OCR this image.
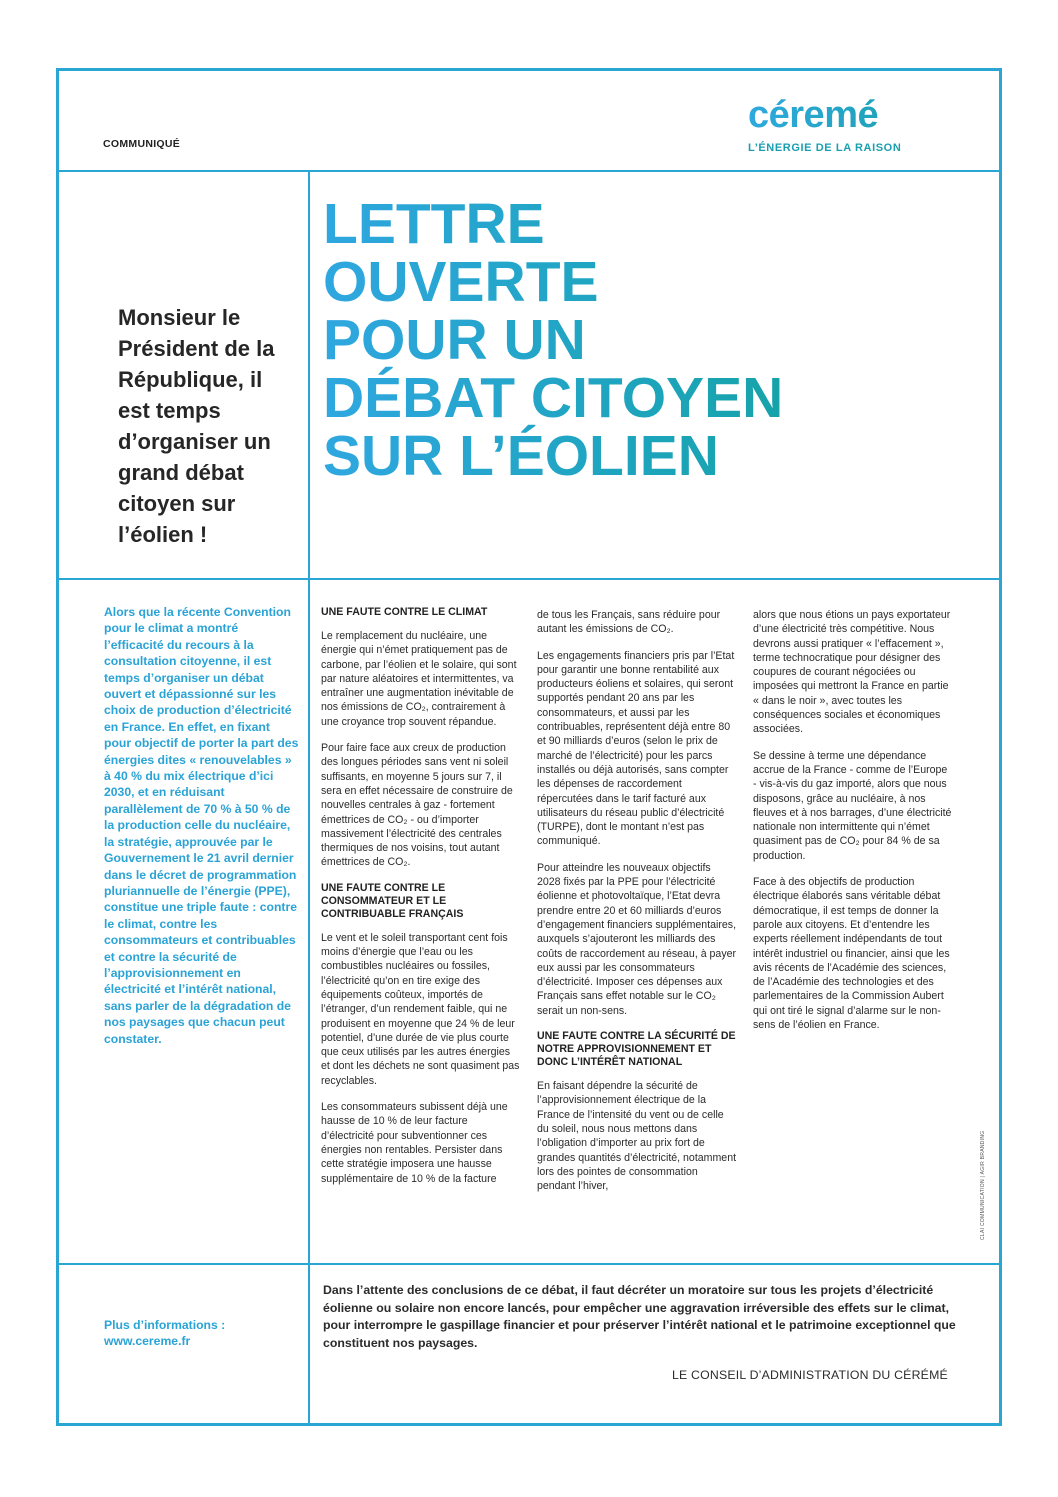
COMMUNIQUÉ
céremé
L’ÉNERGIE DE LA RAISON
LETTRE
OUVERTE
POUR UN
DÉBAT CITOYEN
SUR L’ÉOLIEN

Monsieur le Président de la République, il est temps d’organiser un grand débat citoyen sur l’éolien !

Alors que la récente Convention pour le climat a montré l’efficacité du recours à la consultation citoyenne, il est temps d’organiser un débat ouvert et dépassionné sur les choix de production d’électricité en France. En effet, en fixant pour objectif de porter la part des énergies dites « renouvelables » à 40 % du mix électrique d’ici 2030, et en réduisant parallèlement de 70 % à 50 % de la production celle du nucléaire, la stratégie, approuvée par le Gouvernement le 21 avril dernier dans le décret de programmation pluriannuelle de l’énergie (PPE), constitue une triple faute : contre le climat, contre les consommateurs et contribuables et contre la sécurité de l’approvisionnement en électricité et l’intérêt national, sans parler de la dégradation de nos paysages que chacun peut constater.

UNE FAUTE CONTRE LE CLIMAT

Le remplacement du nucléaire, une énergie qui n’émet pratiquement pas de carbone, par l’éolien et le solaire, qui sont par nature aléatoires et intermittentes, va entraîner une augmentation inévitable de nos émissions de CO₂, contrairement à une croyance trop souvent répandue.

Pour faire face aux creux de production des longues périodes sans vent ni soleil suffisants, en moyenne 5 jours sur 7, il sera en effet nécessaire de construire de nouvelles centrales à gaz - fortement émettrices de CO₂ - ou d’importer massivement l’électricité des centrales thermiques de nos voisins, tout autant émettrices de CO₂.

UNE FAUTE CONTRE LE CONSOMMATEUR ET LE CONTRIBUABLE FRANÇAIS

Le vent et le soleil transportant cent fois moins d’énergie que l’eau ou les combustibles nucléaires ou fossiles, l’électricité qu’on en tire exige des équipements coûteux, importés de l’étranger, d’un rendement faible, qui ne produisent en moyenne que 24 % de leur potentiel, d’une durée de vie plus courte que ceux utilisés par les autres énergies et dont les déchets ne sont quasiment pas recyclables.

Les consommateurs subissent déjà une hausse de 10 % de leur facture d’électricité pour subventionner ces énergies non rentables. Persister dans cette stratégie imposera une hausse supplémentaire de 10 % de la facture

de tous les Français, sans réduire pour autant les émissions de CO₂.

Les engagements financiers pris par l’Etat pour garantir une bonne rentabilité aux producteurs éoliens et solaires, qui seront supportés pendant 20 ans par les consommateurs, et aussi par les contribuables, représentent déjà entre 80 et 90 milliards d’euros (selon le prix de marché de l’électricité) pour les parcs installés ou déjà autorisés, sans compter les dépenses de raccordement répercutées dans le tarif facturé aux utilisateurs du réseau public d’électricité (TURPE), dont le montant n’est pas communiqué.

Pour atteindre les nouveaux objectifs 2028 fixés par la PPE pour l’électricité éolienne et photovoltaïque, l’Etat devra prendre entre 20 et 60 milliards d’euros d’engagement financiers supplémentaires, auxquels s’ajouteront les milliards des coûts de raccordement au réseau, à payer eux aussi par les consommateurs d’électricité. Imposer ces dépenses aux Français sans effet notable sur le CO₂ serait un non-sens.

UNE FAUTE CONTRE LA SÉCURITÉ DE NOTRE APPROVISIONNEMENT ET DONC L’INTÉRÊT NATIONAL

En faisant dépendre la sécurité de l’approvisionnement électrique de la France de l’intensité du vent ou de celle du soleil, nous nous mettons dans l’obligation d’importer au prix fort de grandes quantités d’électricité, notamment lors des pointes de consommation pendant l’hiver,

alors que nous étions un pays exportateur d’une électricité très compétitive. Nous devrons aussi pratiquer « l’effacement », terme technocratique pour désigner des coupures de courant négociées ou imposées qui mettront la France en partie « dans le noir », avec toutes les conséquences sociales et économiques associées.

Se dessine à terme une dépendance accrue de la France - comme de l’Europe - vis-à-vis du gaz importé, alors que nous disposons, grâce au nucléaire, à nos fleuves et à nos barrages, d’une électricité nationale non intermittente qui n’émet quasiment pas de CO₂ pour 84 % de sa production.

Face à des objectifs de production électrique élaborés sans véritable débat démocratique, il est temps de donner la parole aux citoyens. Et d’entendre les experts réellement indépendants de tout intérêt industriel ou financier, ainsi que les avis récents de l’Académie des sciences, de l’Académie des technologies et des parlementaires de la Commission Aubert qui ont tiré le signal d’alarme sur le non-sens de l’éolien en France.

CLAI COMMUNICATION | AGIR BRANDING

Plus d’informations :
www.cereme.fr

Dans l’attente des conclusions de ce débat, il faut décréter un moratoire sur tous les projets d’électricité éolienne ou solaire non encore lancés, pour empêcher une aggravation irréversible des effets sur le climat, pour interrompre le gaspillage financier et pour préserver l’intérêt national et le patrimoine exceptionnel que constituent nos paysages.

LE CONSEIL D’ADMINISTRATION DU CÉRÉMÉ
